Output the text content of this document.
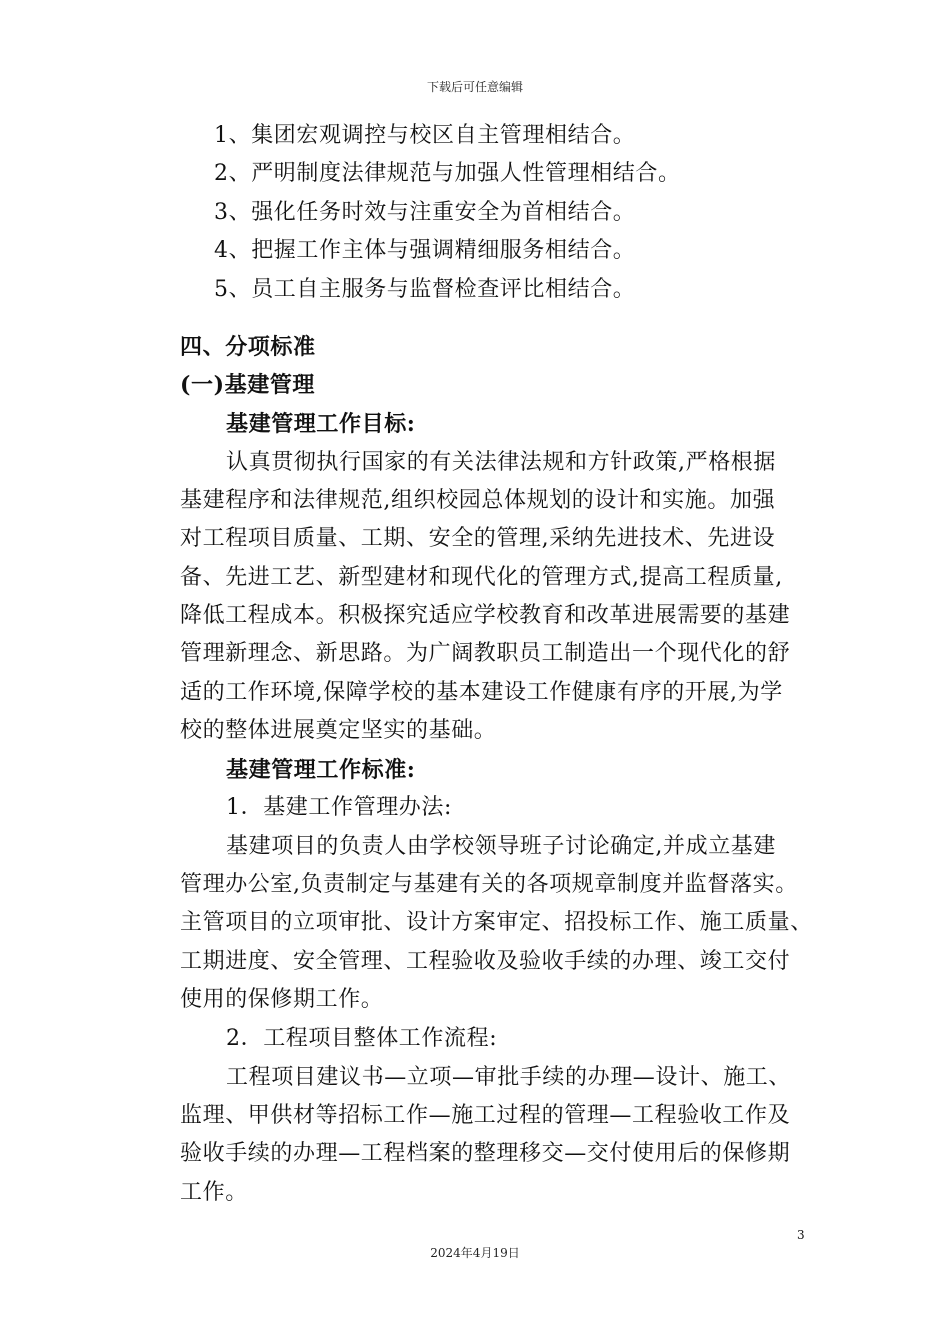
下载后可任意编辑
1、集团宏观调控与校区自主管理相结合。
2、严明制度法律规范与加强人性管理相结合。
3、强化任务时效与注重安全为首相结合。
4、把握工作主体与强调精细服务相结合。
5、员工自主服务与监督检查评比相结合。
四、分项标准
(一)基建管理
基建管理工作目标:
认真贯彻执行国家的有关法律法规和方针政策,严格根据
基建程序和法律规范,组织校园总体规划的设计和实施。加强
对工程项目质量、工期、安全的管理,采纳先进技术、先进设
备、先进工艺、新型建材和现代化的管理方式,提高工程质量,
降低工程成本。积极探究适应学校教育和改革进展需要的基建
管理新理念、新思路。为广阔教职员工制造出一个现代化的舒
适的工作环境,保障学校的基本建设工作健康有序的开展,为学
校的整体进展奠定坚实的基础。
基建管理工作标准:
1．基建工作管理办法:
基建项目的负责人由学校领导班子讨论确定,并成立基建
管理办公室,负责制定与基建有关的各项规章制度并监督落实。
主管项目的立项审批、设计方案审定、招投标工作、施工质量、
工期进度、安全管理、工程验收及验收手续的办理、竣工交付
使用的保修期工作。
2．工程项目整体工作流程:
工程项目建议书—立项—审批手续的办理—设计、施工、
监理、甲供材等招标工作—施工过程的管理—工程验收工作及
验收手续的办理—工程档案的整理移交—交付使用后的保修期
工作。
3
2024年4月19日
